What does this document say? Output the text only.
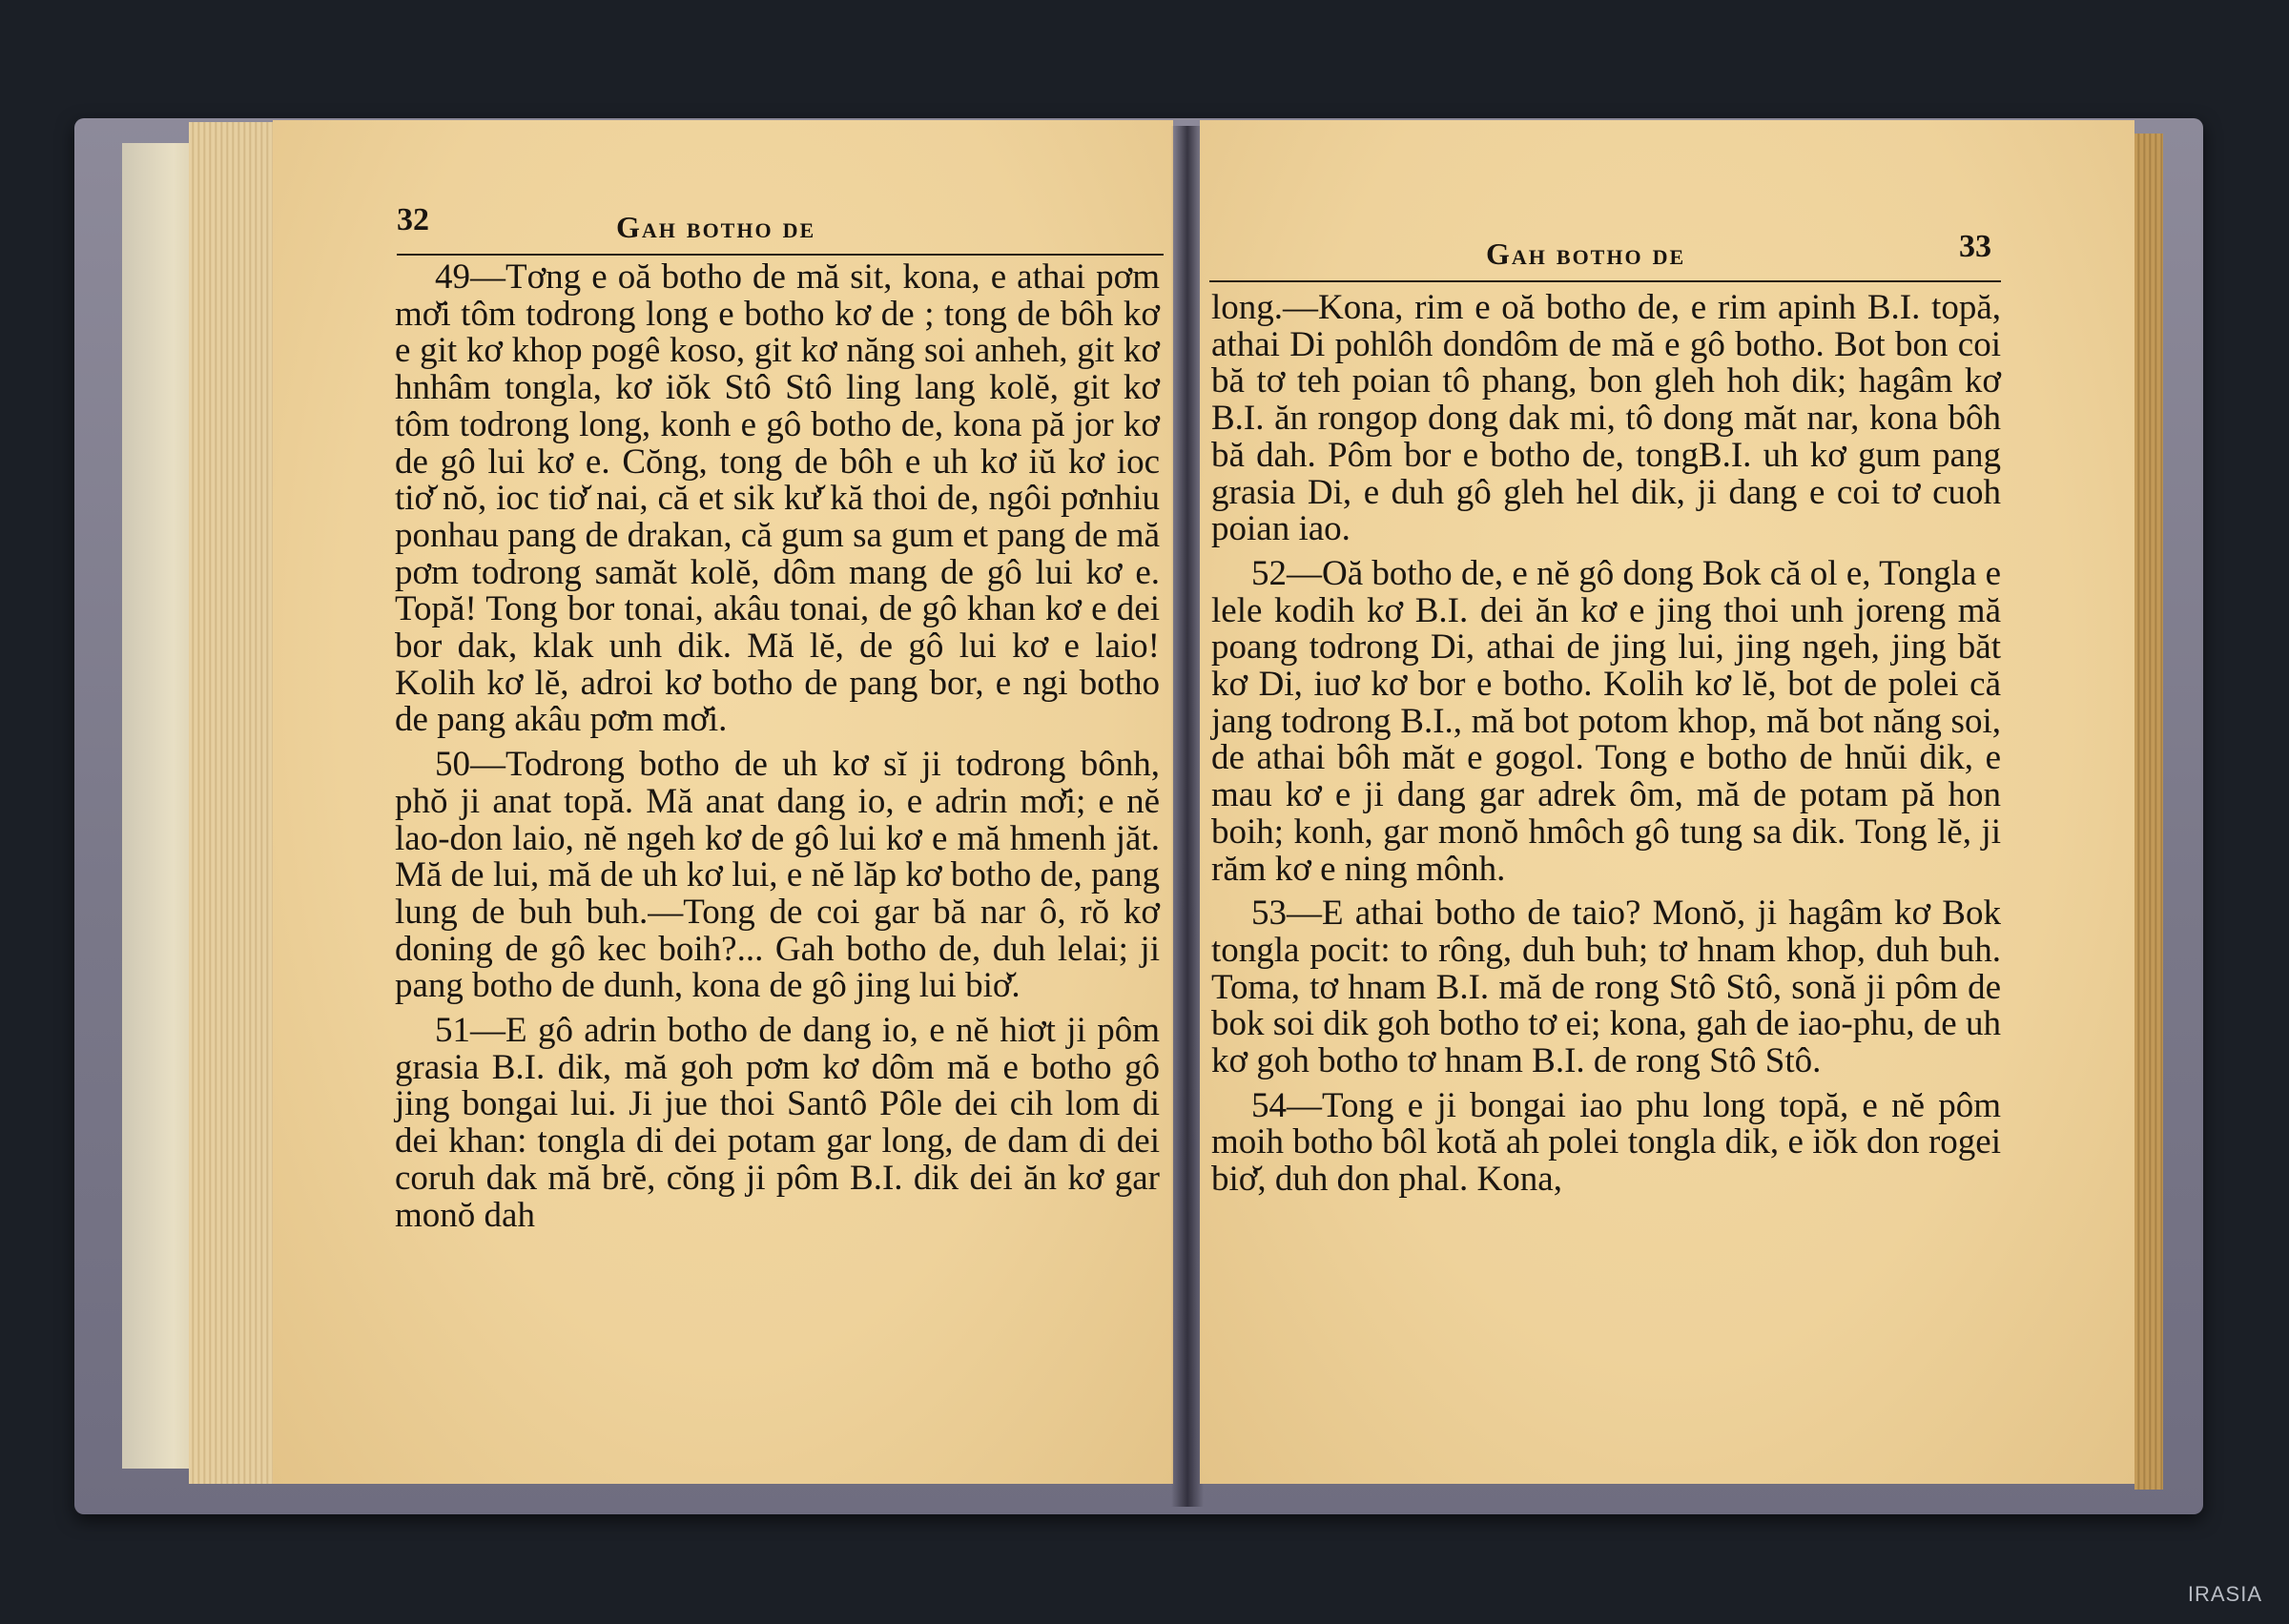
32	Gah botho de

49—Tơng e oă botho de mă sit, kona, e athai pơm mơ̆i tôm todrong long e botho kơ de ; tong de bôh kơ e git kơ khop pogê koso, git kơ năng soi anheh, git kơ hnhâm tongla, kơ iŏk Stô Stô ling lang kolĕ, git kơ tôm todrong long, konh e gô botho de, kona pă jor kơ de gô lui kơ e. Cŏng, tong de bôh e uh kơ iŭ kơ ioc tiơ̆ nŏ, ioc tiơ̆ nai, că et sik kư̆ kă thoi de, ngôi pơnhiu ponhau pang de drakan, că gum sa gum et pang de mă pơm todrong samăt kolĕ, dôm mang de gô lui kơ e. Topă! Tong bor tonai, akâu tonai, de gô khan kơ e dei bor dak, klak unh dik. Mă lĕ, de gô lui kơ e laio! Kolih kơ lĕ, adroi kơ botho de pang bor, e ngi botho de pang akâu pơm mơ̆i.

50—Todrong botho de uh kơ sĭ ji todrong bônh, phŏ ji anat topă. Mă anat dang io, e adrin mơ̆i; e nĕ lao-don laio, nĕ ngeh kơ de gô lui kơ e mă hmenh jăt. Mă de lui, mă de uh kơ lui, e nĕ lăp kơ botho de, pang lung de buh buh.—Tong de coi gar bă nar ô, rŏ kơ doning de gô kec boih?... Gah botho de, duh lelai; ji pang botho de dunh, kona de gô jing lui biơ̆.

51—E gô adrin botho de dang io, e nĕ hiơt ji pôm grasia B.I. dik, mă goh pơm kơ dôm mă e botho gô jing bongai lui. Ji jue thoi Santô Pôle dei cih lom di dei khan: tongla di dei potam gar long, de dam di dei coruh dak mă brĕ, cŏng ji pôm B.I. dik dei ăn kơ gar monŏ dah

Gah botho de	33

long.—Kona, rim e oă botho de, e rim apinh B.I. topă, athai Di pohlôh dondôm de mă e gô botho. Bot bon coi bă tơ teh poian tô phang, bon gleh hoh dik; hagâm kơ B.I. ăn rongop dong dak mi, tô dong măt nar, kona bôh bă dah. Pôm bor e botho de, tongB.I. uh kơ gum pang grasia Di, e duh gô gleh hel dik, ji dang e coi tơ cuoh poian iao.

52—Oă botho de, e nĕ gô dong Bok că ol e, Tongla e lele kodih kơ B.I. dei ăn kơ e jing thoi unh joreng mă poang todrong Di, athai de jing lui, jing ngeh, jing băt kơ Di, iuơ kơ bor e botho. Kolih kơ lĕ, bot de polei că jang todrong B.I., mă bot potom khop, mă bot năng soi, de athai bôh măt e gogol. Tong e botho de hnŭi dik, e mau kơ e ji dang gar adrek ôm, mă de potam pă hon boih; konh, gar monŏ hmôch gô tung sa dik. Tong lĕ, ji răm kơ e ning mônh.

53—E athai botho de taio? Monŏ, ji hagâm kơ Bok tongla pocit: to rông, duh buh; tơ hnam khop, duh buh. Toma, tơ hnam B.I. mă de rong Stô Stô, sonă ji pôm de bok soi dik goh botho tơ ei; kona, gah de iao-phu, de uh kơ goh botho tơ hnam B.I. de rong Stô Stô.

54—Tong e ji bongai iao phu long topă, e nĕ pôm moih botho bôl kotă ah polei tongla dik, e iŏk don rogei biơ̆, duh don phal. Kona,

IRASIA
